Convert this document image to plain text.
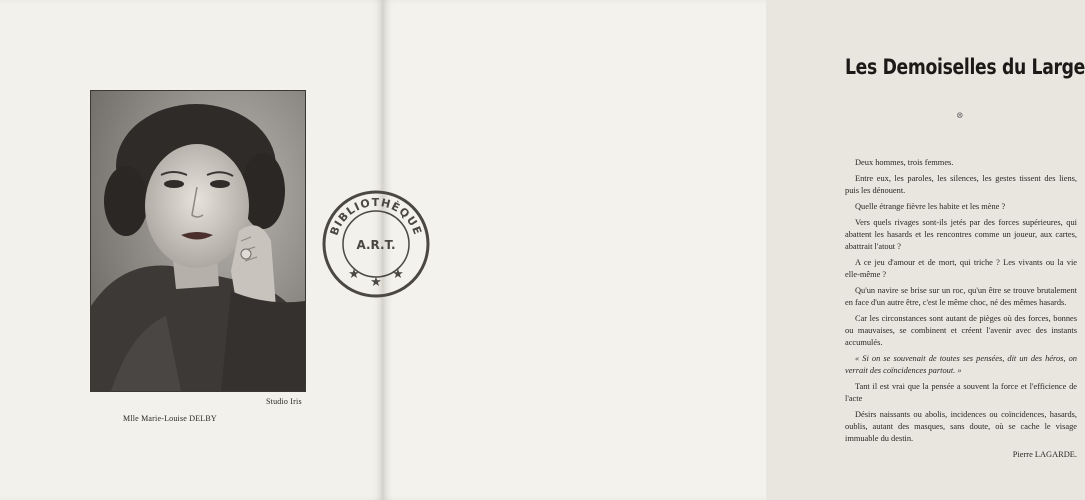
Studio Iris
Mlle Marie-Louise DELBY
Les Demoiselles du Large
⊗

Deux hommes, trois femmes.

Entre eux, les paroles, les silences, les gestes tissent des liens, puis les dénouent.

Quelle étrange fièvre les habite et les mène ?

Vers quels rivages sont-ils jetés par des forces supérieures, qui abattent les hasards et les rencontres comme un joueur, aux cartes, abattrait l'atout ?

A ce jeu d'amour et de mort, qui triche ? Les vivants ou la vie elle-même ?

Qu'un navire se brise sur un roc, qu'un être se trouve brutalement en face d'un autre être, c'est le même choc, né des mêmes hasards.

Car les circonstances sont autant de pièges où des forces, bonnes ou mauvaises, se combinent et créent l'avenir avec des instants accumulés.

« Si on se souvenait de toutes ses pensées, dit un des héros, on verrait des coïncidences partout. »

Tant il est vrai que la pensée a souvent la force et l'efficience de l'acte

Désirs naissants ou abolis, incidences ou coïncidences, hasards, oublis, autant des masques, sans doute, où se cache le visage immuable du destin.

Pierre LAGARDE.

BIBLIOTHÈQUE
A.R.T.
★
★
★
